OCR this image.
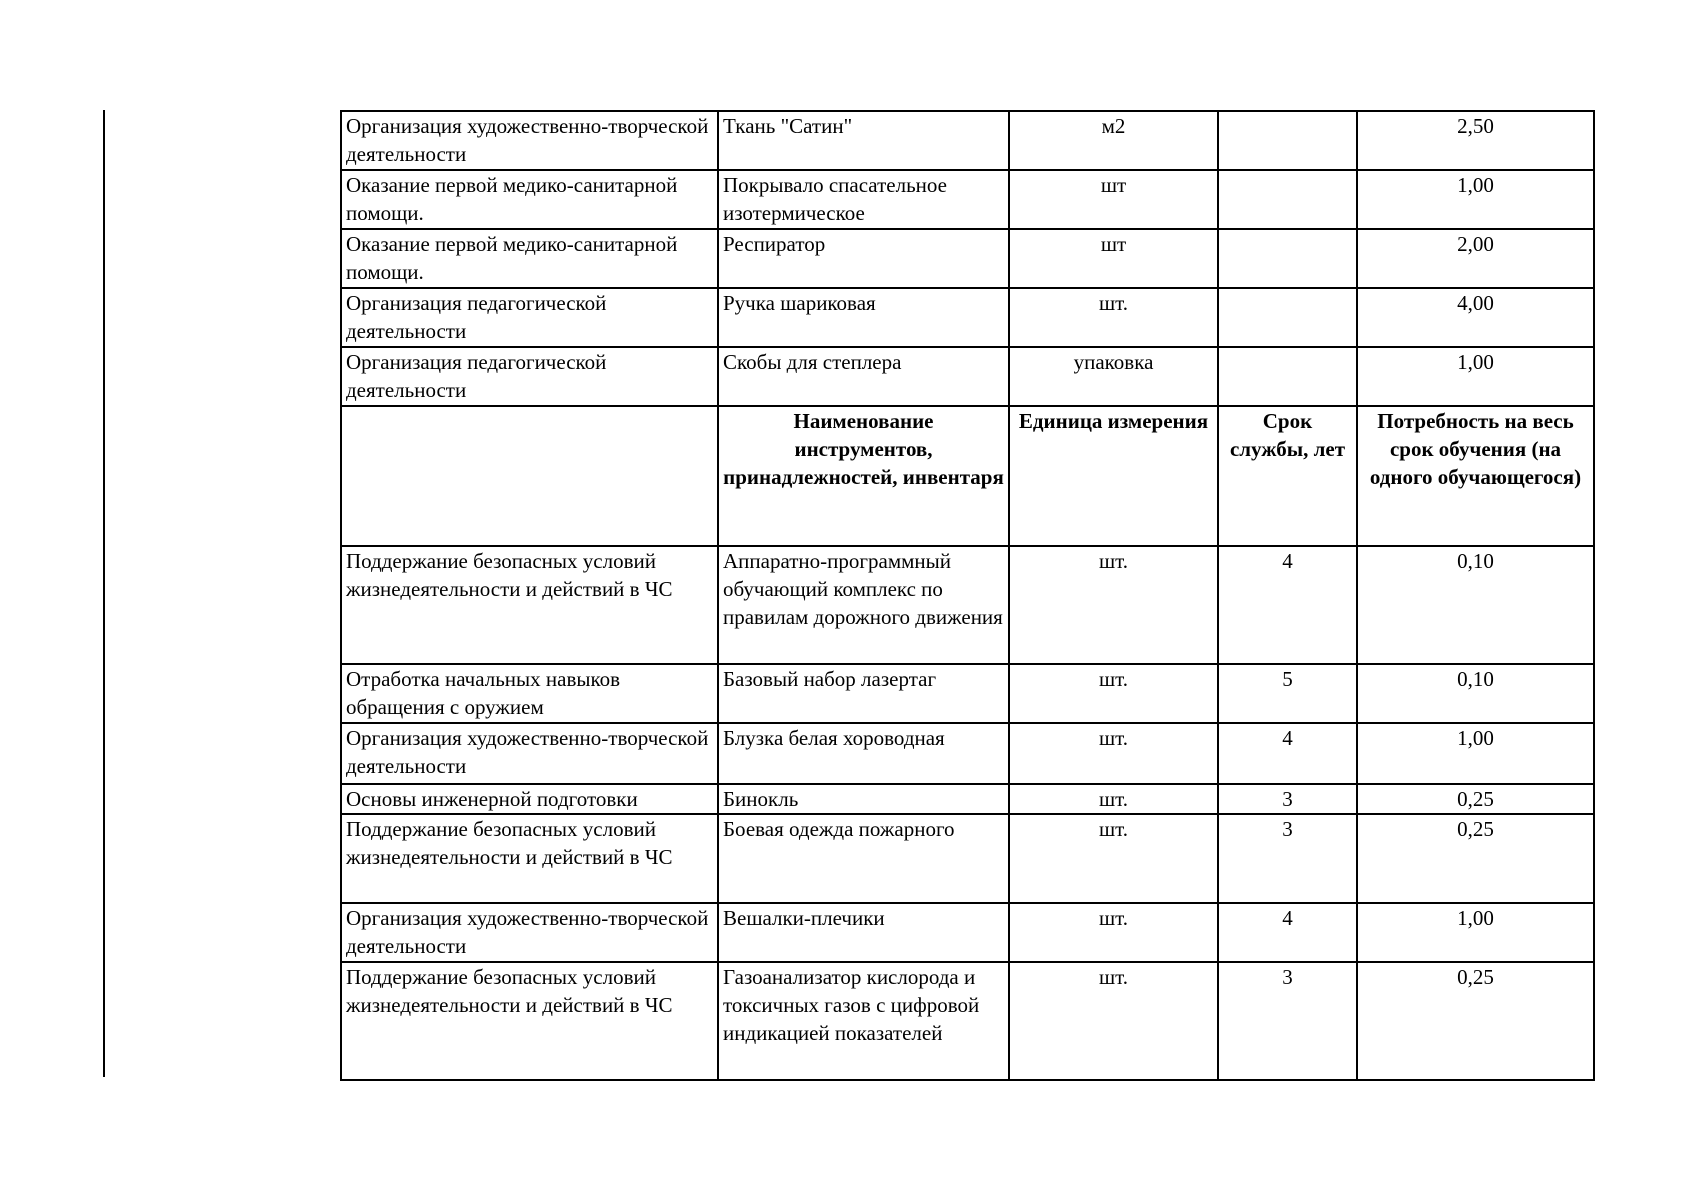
Организация художественно-творческой деятельности	Ткань "Сатин"	м2		2,50
Оказание первой медико-санитарной помощи.	Покрывало спасательное изотермическое	шт		1,00
Оказание первой медико-санитарной помощи.	Респиратор	шт		2,00
Организация педагогической деятельности	Ручка шариковая	шт.		4,00
Организация педагогической деятельности	Скобы для степлера	упаковка		1,00
	Наименование инструментов, принадлежностей, инвентаря	Единица измерения	Срок службы, лет	Потребность на весь срок обучения (на одного обучающегося)
Поддержание безопасных условий жизнедеятельности и действий в ЧС	Аппаратно-программный обучающий комплекс по правилам дорожного движения	шт.	4	0,10
Отработка начальных навыков обращения с оружием	Базовый набор лазертаг	шт.	5	0,10
Организация художественно-творческой деятельности	Блузка белая хороводная	шт.	4	1,00
Основы инженерной подготовки	Бинокль	шт.	3	0,25
Поддержание безопасных условий жизнедеятельности и действий в ЧС	Боевая одежда пожарного	шт.	3	0,25
Организация художественно-творческой деятельности	Вешалки-плечики	шт.	4	1,00
Поддержание безопасных условий жизнедеятельности и действий в ЧС	Газоанализатор кислорода и токсичных газов с цифровой индикацией показателей	шт.	3	0,25
